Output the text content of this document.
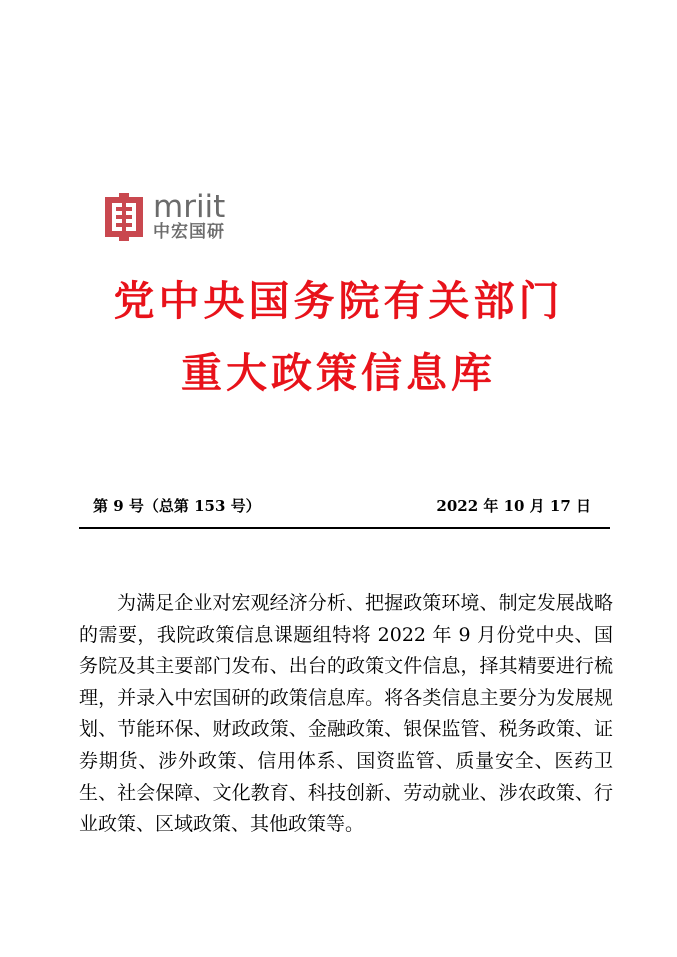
mriit
中宏国研
党中央国务院有关部门
重大政策信息库
第 9 号（总第 153 号）	2022 年 10 月 17 日

为满足企业对宏观经济分析、把握政策环境、制定发展战略的需要，我院政策信息课题组特将 2022 年 9 月份党中央、国务院及其主要部门发布、出台的政策文件信息，择其精要进行梳理，并录入中宏国研的政策信息库。将各类信息主要分为发展规划、节能环保、财政政策、金融政策、银保监管、税务政策、证券期货、涉外政策、信用体系、国资监管、质量安全、医药卫生、社会保障、文化教育、科技创新、劳动就业、涉农政策、行业政策、区域政策、其他政策等。
